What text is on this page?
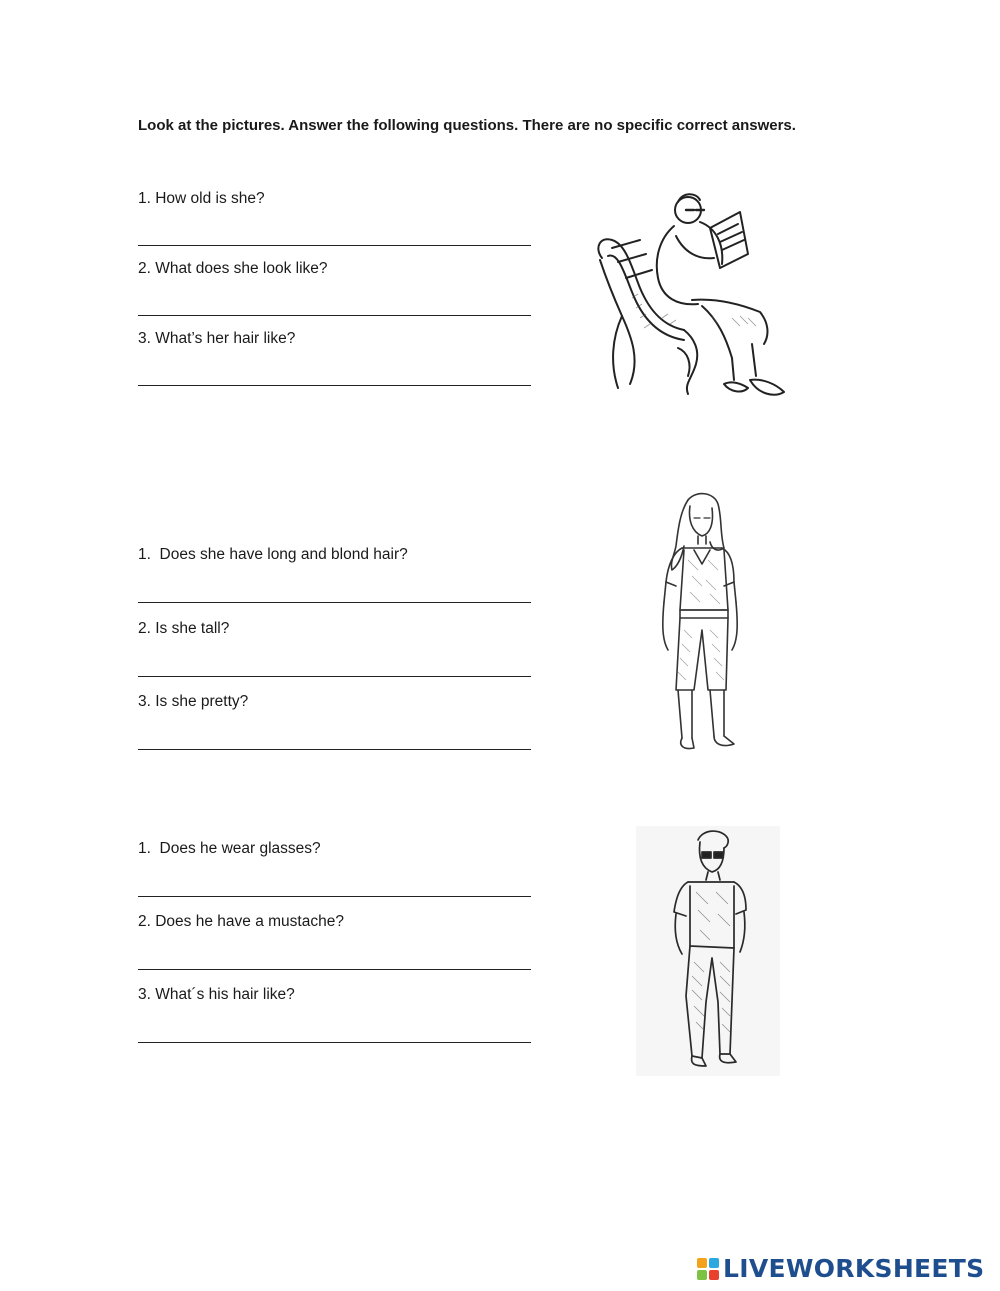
Look at the pictures. Answer the following questions. There are no specific correct answers.
1. How old is she?
2. What does she look like?
3. What’s her hair like?
1.  Does she have long and blond hair?
2. Is she tall?
3. Is she pretty?
1.  Does he wear glasses?
2. Does he have a mustache?
3. What´s his hair like?
LIVEWORKSHEETS
